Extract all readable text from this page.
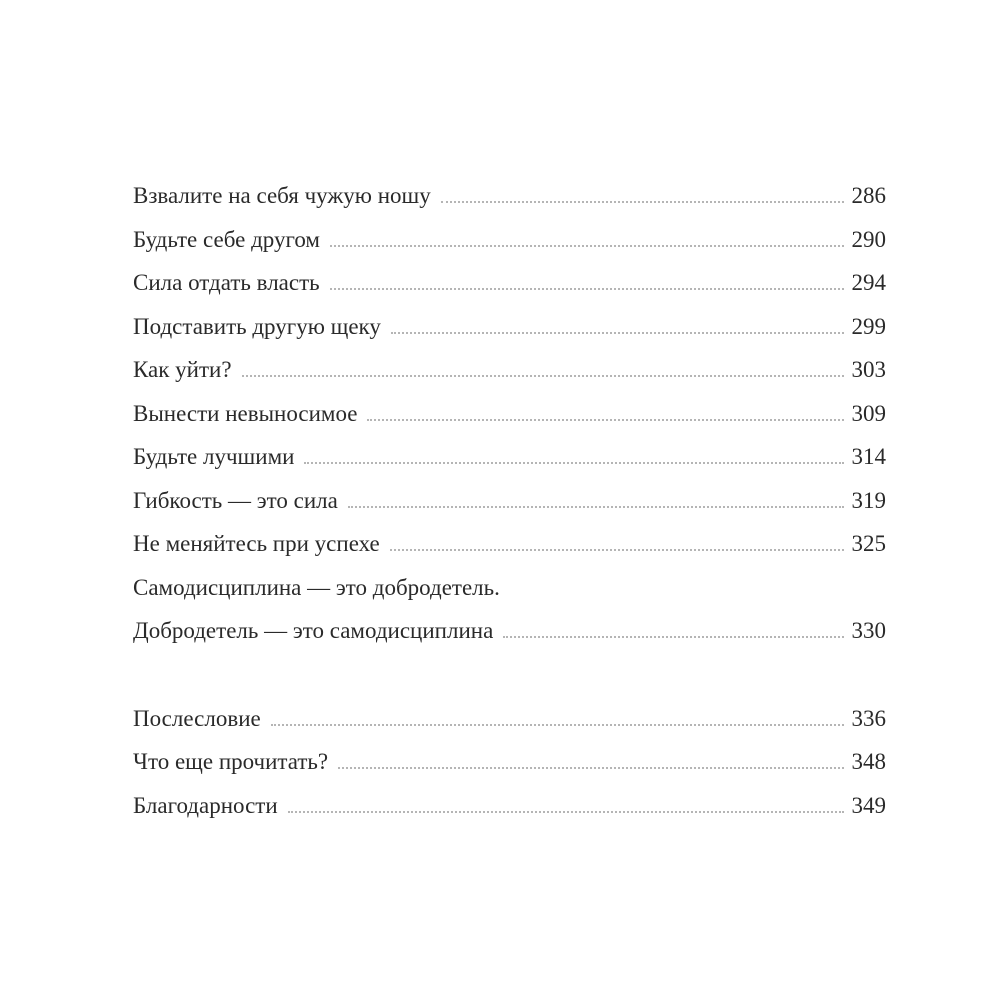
Взвалите на себя чужую ношу	286
Будьте себе другом	290
Сила отдать власть	294
Подставить другую щеку	299
Как уйти?	303
Вынести невыносимое	309
Будьте лучшими	314
Гибкость — это сила	319
Не меняйтесь при успехе	325
Самодисциплина — это добродетель.
Добродетель — это самодисциплина	330
Послесловие	336
Что еще прочитать?	348
Благодарности	349
